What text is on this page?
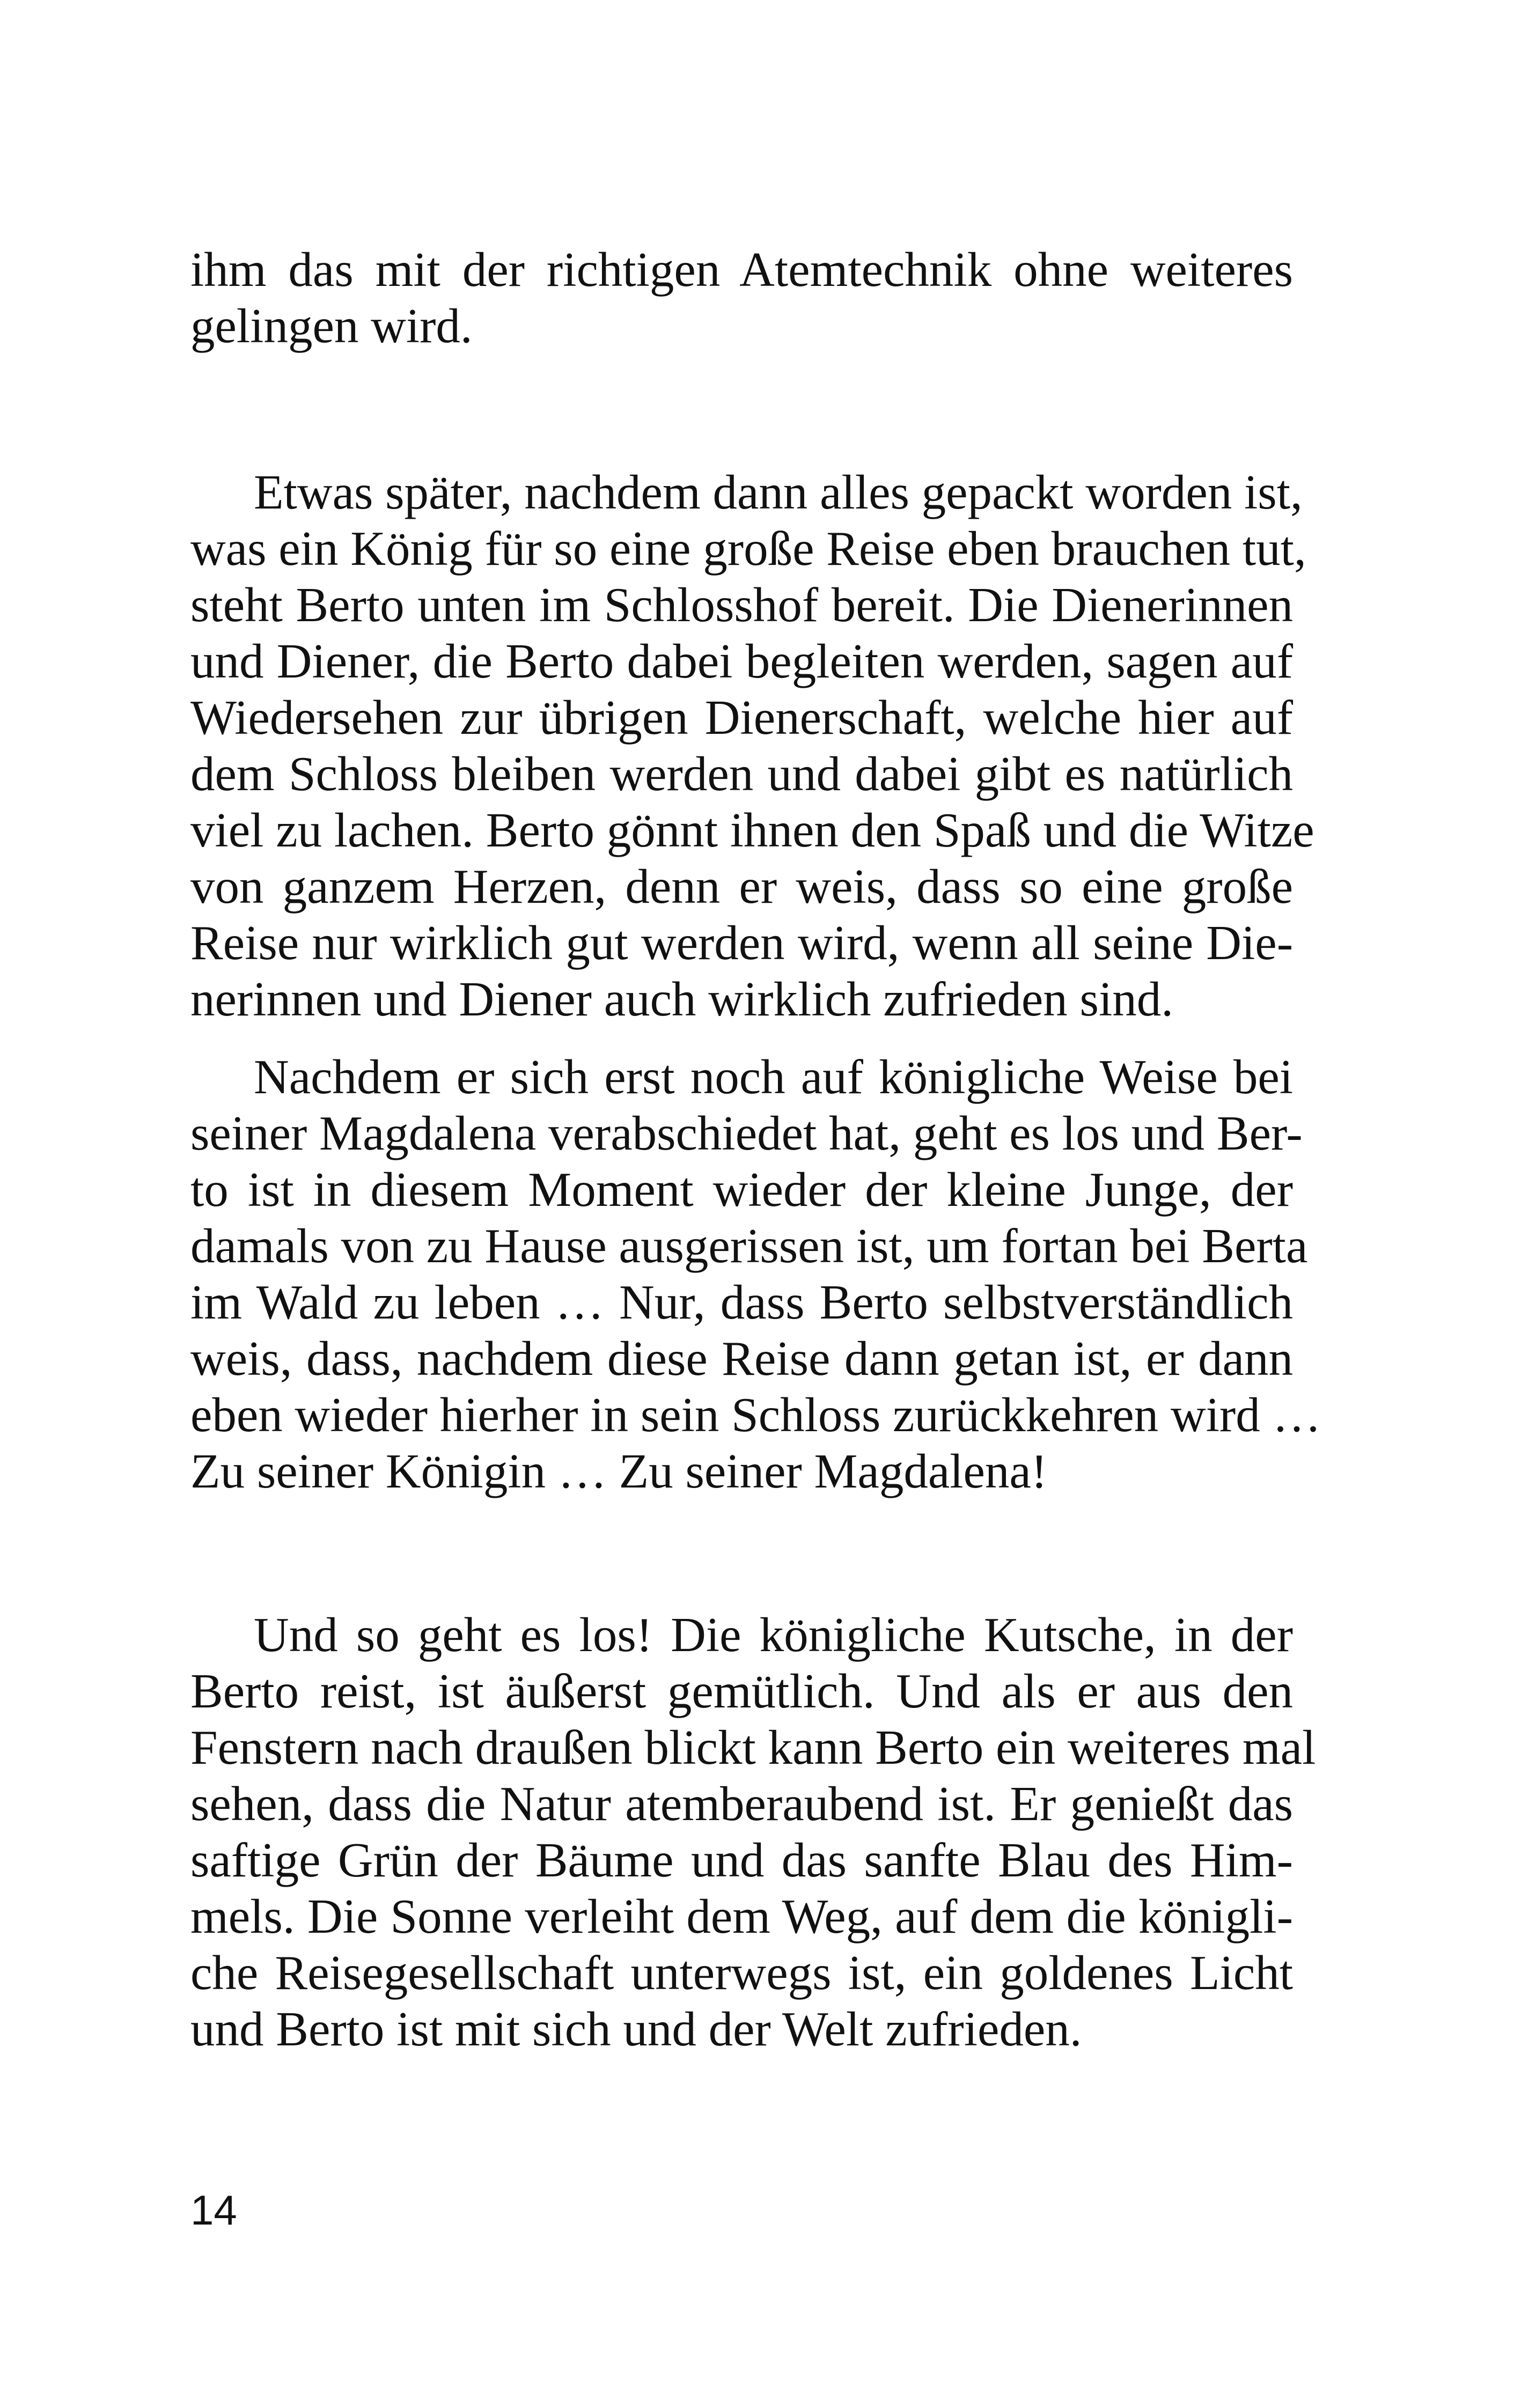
ihm das mit der richtigen Atemtechnik ohne weiteres
gelingen wird.
Etwas später, nachdem dann alles gepackt worden ist,
was ein König für so eine große Reise eben brauchen tut,
steht Berto unten im Schlosshof bereit. Die Dienerinnen
und Diener, die Berto dabei begleiten werden, sagen auf
Wiedersehen zur übrigen Dienerschaft, welche hier auf
dem Schloss bleiben werden und dabei gibt es natürlich
viel zu lachen. Berto gönnt ihnen den Spaß und die Witze
von ganzem Herzen, denn er weis, dass so eine große
Reise nur wirklich gut werden wird, wenn all seine Die-
nerinnen und Diener auch wirklich zufrieden sind.
Nachdem er sich erst noch auf königliche Weise bei
seiner Magdalena verabschiedet hat, geht es los und Ber-
to ist in diesem Moment wieder der kleine Junge, der
damals von zu Hause ausgerissen ist, um fortan bei Berta
im Wald zu leben … Nur, dass Berto selbstverständlich
weis, dass, nachdem diese Reise dann getan ist, er dann
eben wieder hierher in sein Schloss zurückkehren wird …
Zu seiner Königin … Zu seiner Magdalena!
Und so geht es los! Die königliche Kutsche, in der
Berto reist, ist äußerst gemütlich. Und als er aus den
Fenstern nach draußen blickt kann Berto ein weiteres mal
sehen, dass die Natur atemberaubend ist. Er genießt das
saftige Grün der Bäume und das sanfte Blau des Him-
mels. Die Sonne verleiht dem Weg, auf dem die königli-
che Reisegesellschaft unterwegs ist, ein goldenes Licht
und Berto ist mit sich und der Welt zufrieden.
14
